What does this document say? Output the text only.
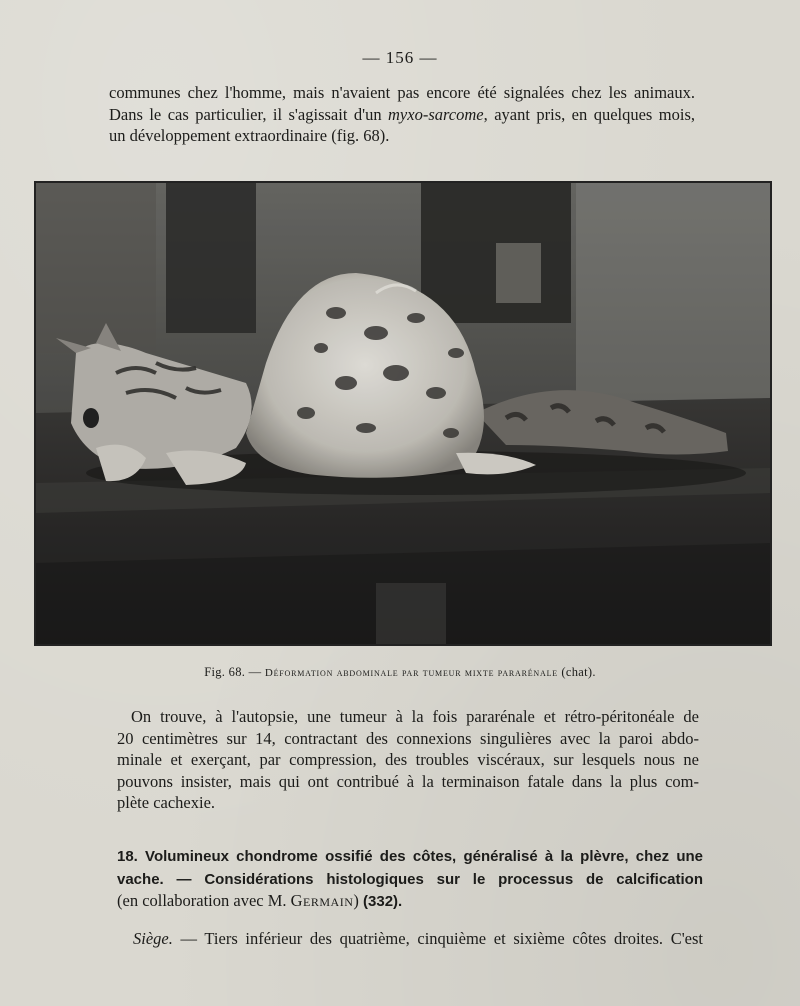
— 156 —
communes chez l'homme, mais n'avaient pas encore été signalées chez les animaux.
Dans le cas particulier, il s'agissait d'un myxo-sarcome, ayant pris, en quelques mois,
un développement extraordinaire (fig. 68).
Fig. 68. — Déformation abdominale par tumeur mixte pararénale (chat).
On trouve, à l'autopsie, une tumeur à la fois pararénale et rétro-péritonéale de
20 centimètres sur 14, contractant des connexions singulières avec la paroi abdo-
minale et exerçant, par compression, des troubles viscéraux, sur lesquels nous ne
pouvons insister, mais qui ont contribué à la terminaison fatale dans la plus com-
plète cachexie.
18. Volumineux chondrome ossifié des côtes, généralisé à la plèvre, chez une
vache. — Considérations histologiques sur le processus de calcification
(en collaboration avec M. Germain) (332).
Siège. — Tiers inférieur des quatrième, cinquième et sixième côtes droites. C'est
